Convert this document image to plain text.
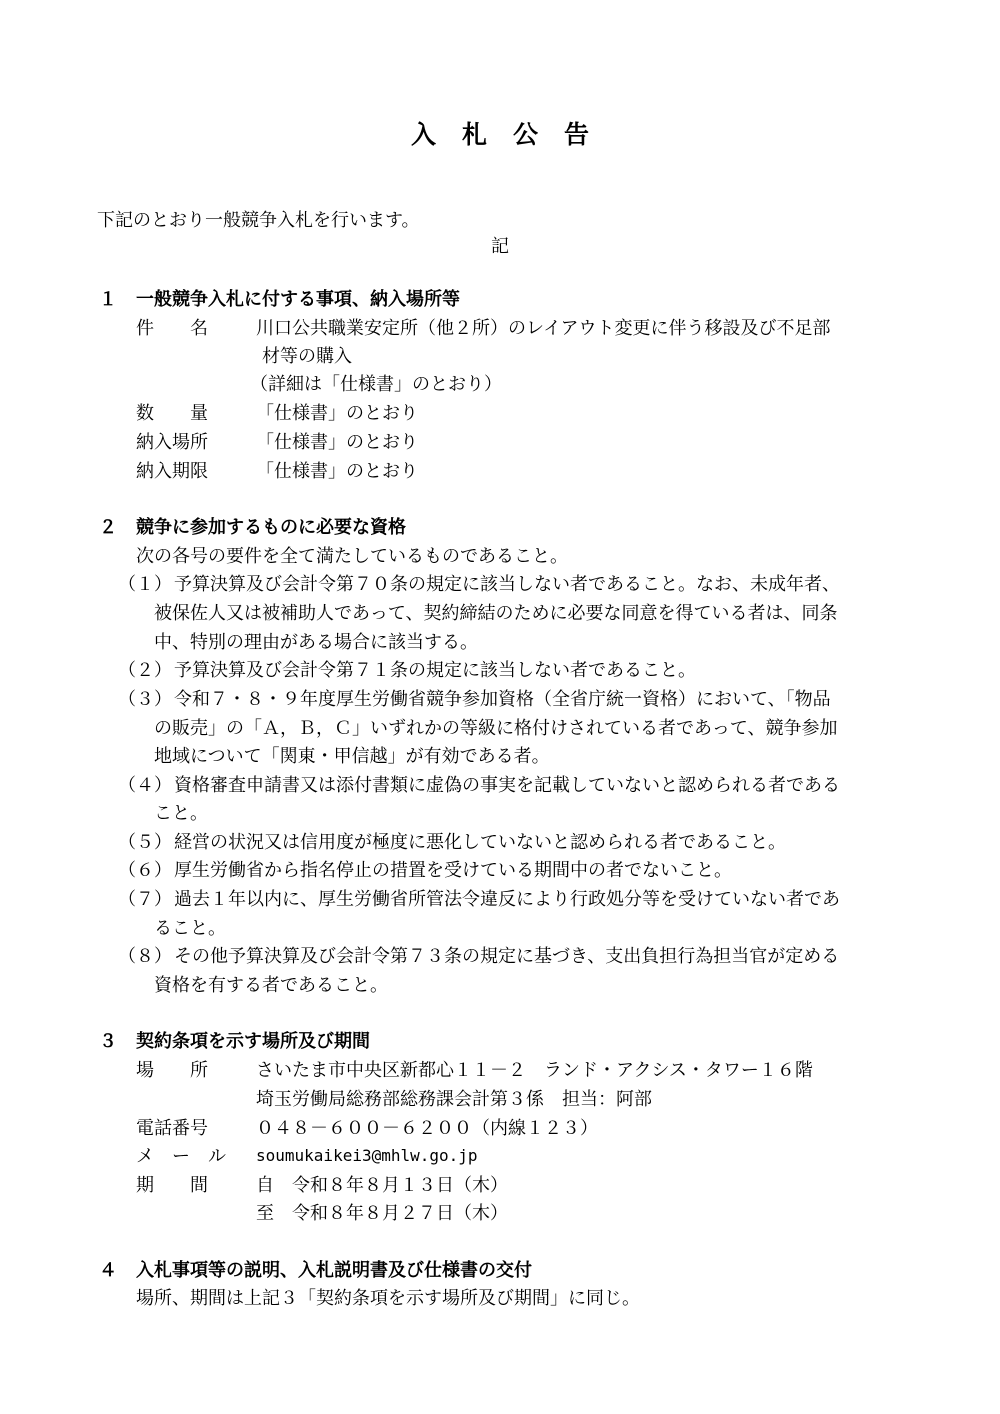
入札公告
下記のとおり一般競争入札を行います。
記
１ 一般競争入札に付する事項、納入場所等
件　　名	川口公共職業安定所（他２所）のレイアウト変更に伴う移設及び不足部
材等の購入
（詳細は「仕様書」のとおり）
数　　量	「仕様書」のとおり
納入場所	「仕様書」のとおり
納入期限	「仕様書」のとおり
２ 競争に参加するものに必要な資格
次の各号の要件を全て満たしているものであること。
（１） 予算決算及び会計令第７０条の規定に該当しない者であること。なお、未成年者、
被保佐人又は被補助人であって、契約締結のために必要な同意を得ている者は、同条
中、特別の理由がある場合に該当する。
（２） 予算決算及び会計令第７１条の規定に該当しない者であること。
（３） 令和７・８・９年度厚生労働省競争参加資格（全省庁統一資格）において、「物品
の販売」の「Ａ，Ｂ，Ｃ」いずれかの等級に格付けされている者であって、競争参加
地域について「関東・甲信越」が有効である者。
（４） 資格審査申請書又は添付書類に虚偽の事実を記載していないと認められる者である
こと。
（５） 経営の状況又は信用度が極度に悪化していないと認められる者であること。
（６） 厚生労働省から指名停止の措置を受けている期間中の者でないこと。
（７） 過去１年以内に、厚生労働省所管法令違反により行政処分等を受けていない者であ
ること。
（８） その他予算決算及び会計令第７３条の規定に基づき、支出負担行為担当官が定める
資格を有する者であること。
３ 契約条項を示す場所及び期間
場　　所	さいたま市中央区新都心１１－２　ランド・アクシス・タワー１６階
埼玉労働局総務部総務課会計第３係　担当：阿部
電話番号	０４８－６００－６２００（内線１２３）
メ　ー　ル soumukaikei3@mhlw.go.jp
期　　間	自　令和８年８月１３日（木）
至　令和８年８月２７日（木）
４ 入札事項等の説明、入札説明書及び仕様書の交付
場所、期間は上記３「契約条項を示す場所及び期間」に同じ。
